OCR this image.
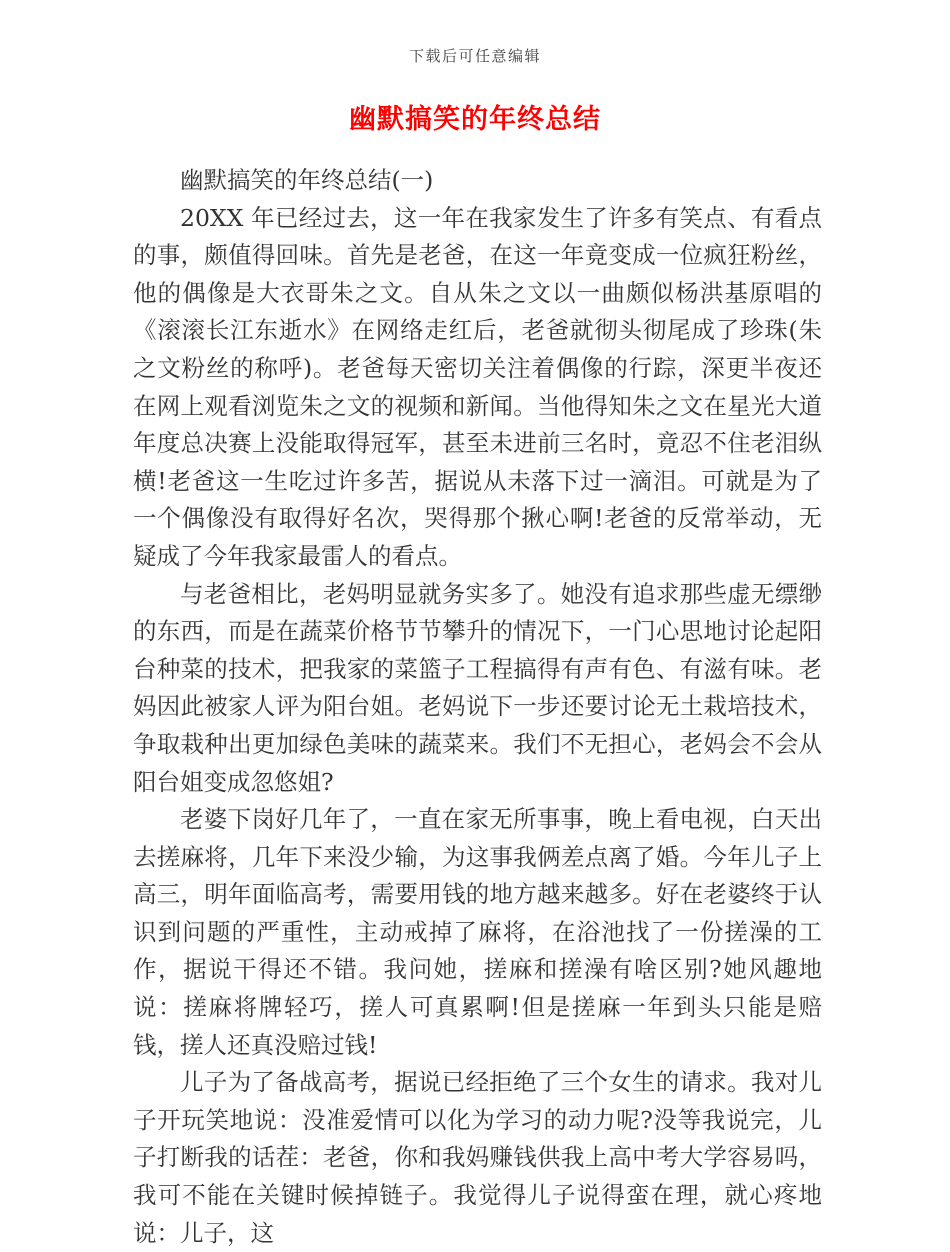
下载后可任意编辑
幽默搞笑的年终总结

幽默搞笑的年终总结(一)

20XX 年已经过去，这一年在我家发生了许多有笑点、有看点的事，颇值得回味。首先是老爸，在这一年竟变成一位疯狂粉丝，他的偶像是大衣哥朱之文。自从朱之文以一曲颇似杨洪基原唱的《滚滚长江东逝水》在网络走红后，老爸就彻头彻尾成了珍珠(朱之文粉丝的称呼)。老爸每天密切关注着偶像的行踪，深更半夜还在网上观看浏览朱之文的视频和新闻。当他得知朱之文在星光大道年度总决赛上没能取得冠军，甚至未进前三名时，竟忍不住老泪纵横!老爸这一生吃过许多苦，据说从未落下过一滴泪。可就是为了一个偶像没有取得好名次，哭得那个揪心啊!老爸的反常举动，无疑成了今年我家最雷人的看点。

与老爸相比，老妈明显就务实多了。她没有追求那些虚无缥缈的东西，而是在蔬菜价格节节攀升的情况下，一门心思地讨论起阳台种菜的技术，把我家的菜篮子工程搞得有声有色、有滋有味。老妈因此被家人评为阳台姐。老妈说下一步还要讨论无土栽培技术，争取栽种出更加绿色美味的蔬菜来。我们不无担心，老妈会不会从阳台姐变成忽悠姐?

老婆下岗好几年了，一直在家无所事事，晚上看电视，白天出去搓麻将，几年下来没少输，为这事我俩差点离了婚。今年儿子上高三，明年面临高考，需要用钱的地方越来越多。好在老婆终于认识到问题的严重性，主动戒掉了麻将，在浴池找了一份搓澡的工作，据说干得还不错。我问她，搓麻和搓澡有啥区别?她风趣地说：搓麻将牌轻巧，搓人可真累啊!但是搓麻一年到头只能是赔钱，搓人还真没赔过钱!

儿子为了备战高考，据说已经拒绝了三个女生的请求。我对儿子开玩笑地说：没准爱情可以化为学习的动力呢?没等我说完，儿子打断我的话茬：老爸，你和我妈赚钱供我上高中考大学容易吗，我可不能在关键时候掉链子。我觉得儿子说得蛮在理，就心疼地说：儿子，这
